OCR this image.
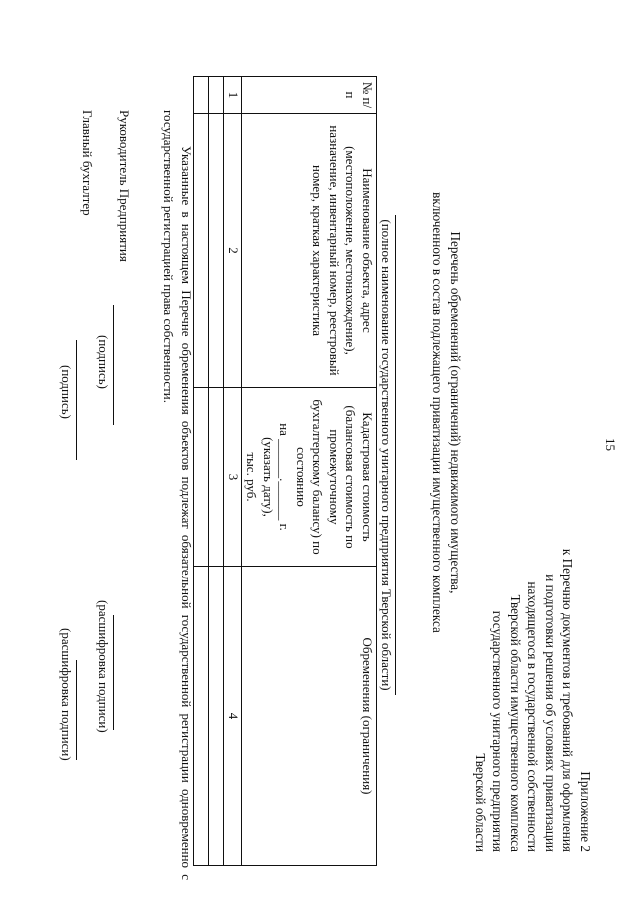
15
Приложение 2
к Перечню документов и требований для оформления
и подготовки решения об условиях приватизации
находящегося в государственной собственности
Тверской области имущественного комплекса
государственного унитарного предприятия
Тверской области
Перечень обременений (ограничений) недвижимого имущества,
включенного в состав подлежащего приватизации имущественного комплекса
(полное наименование государственного унитарного предприятия Тверской области)
№ п/п	Наименование объекта, адрес (местоположение, местонахождение), назначение, инвентарный номер, реестровый номер, краткая характеристика	Кадастровая стоимость (балансовая стоимость по промежуточному бухгалтерскому балансу) по состоянию
на ______.______ г.
(указать дату),
тыс. руб.	Обременения (ограничения)
1	2	3	4

Указанные в настоящем Перечне обременения объектов подлежат обязательной государственной регистрации одновременно с государственной регистрацией права собственности.
Руководитель Предприятия
(подпись)
(расшифровка подписи)
Главный бухгалтер
(подпись)
(расшифровка подписи)
